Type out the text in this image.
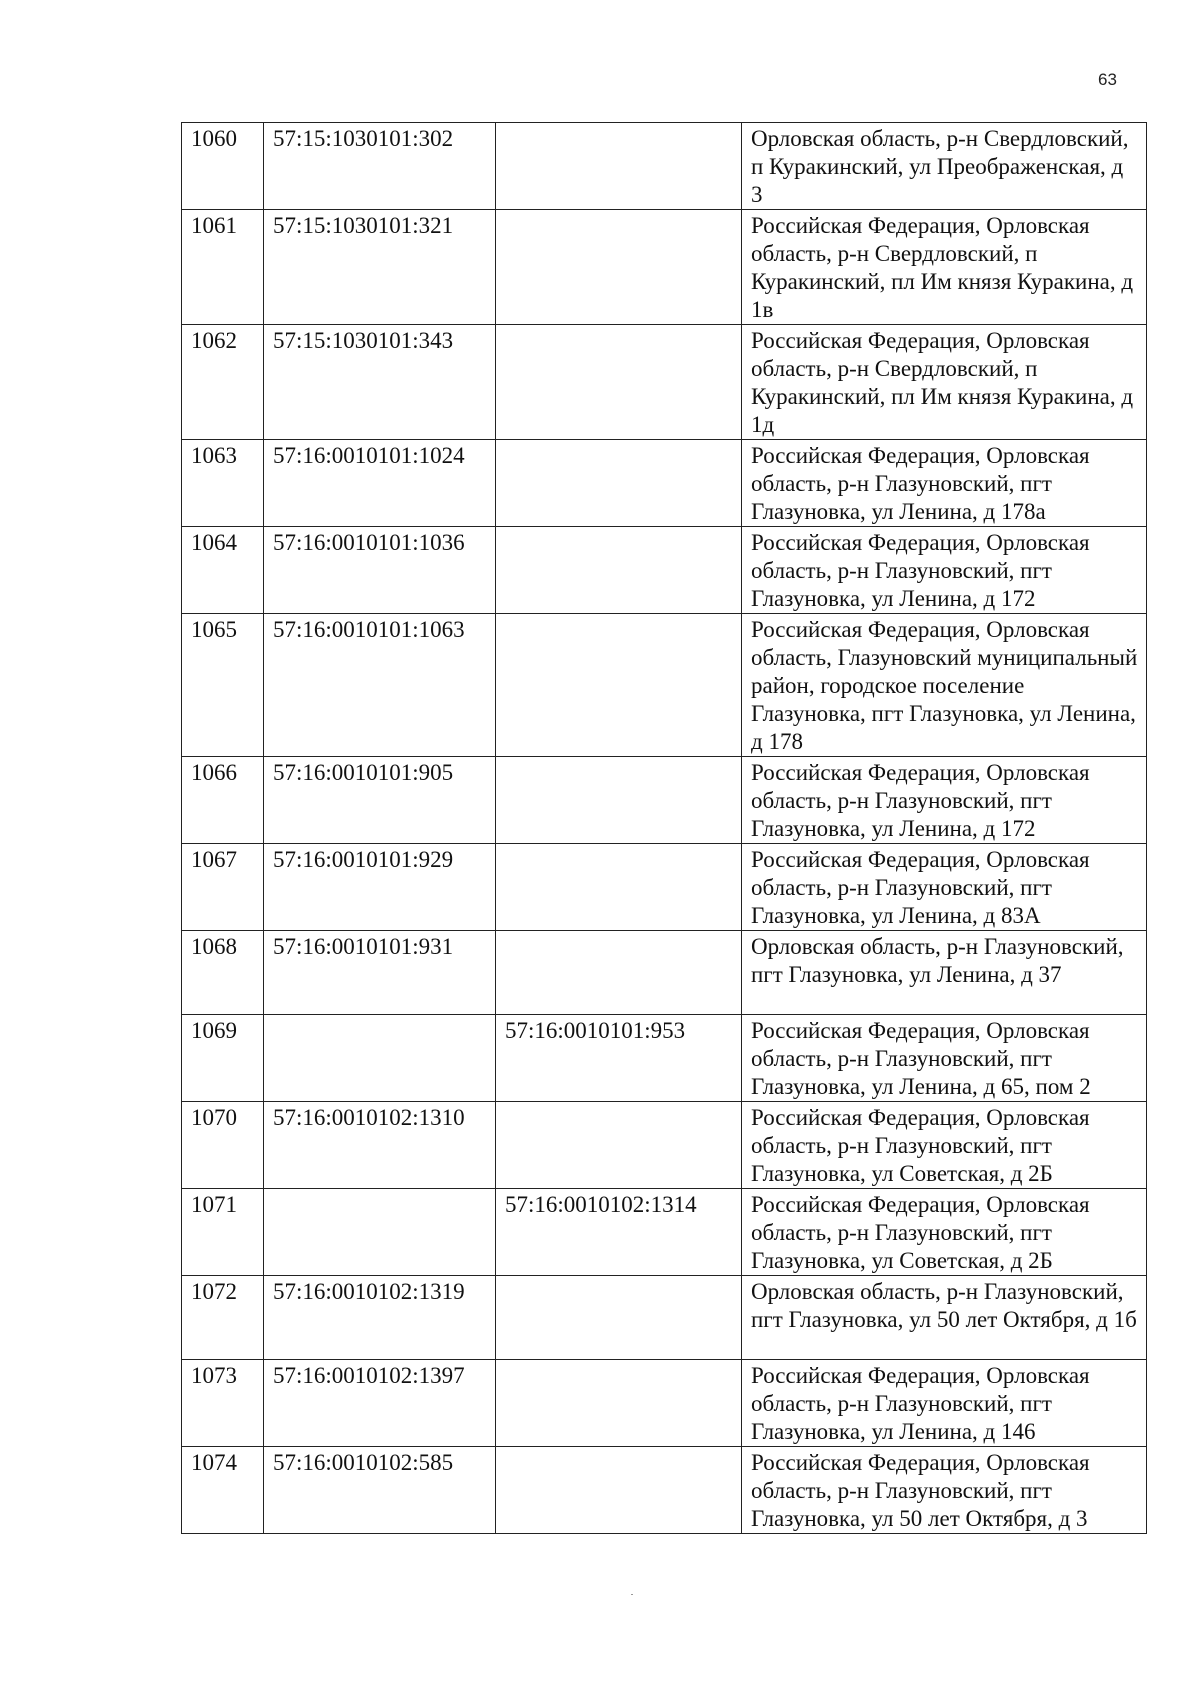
63
1060	57:15:1030101:302		Орловская область, р-н Свердловский, п Куракинский, ул Преображенская, д 3
1061	57:15:1030101:321		Российская Федерация, Орловская область, р-н Свердловский, п Куракинский, пл Им князя Куракина, д 1в
1062	57:15:1030101:343		Российская Федерация, Орловская область, р-н Свердловский, п Куракинский, пл Им князя Куракина, д 1д
1063	57:16:0010101:1024		Российская Федерация, Орловская область, р-н Глазуновский, пгт Глазуновка, ул Ленина, д 178а
1064	57:16:0010101:1036		Российская Федерация, Орловская область, р-н Глазуновский, пгт Глазуновка, ул Ленина, д 172
1065	57:16:0010101:1063		Российская Федерация, Орловская область, Глазуновский муниципальный район, городское поселение Глазуновка, пгт Глазуновка, ул Ленина, д 178
1066	57:16:0010101:905		Российская Федерация, Орловская область, р-н Глазуновский, пгт Глазуновка, ул Ленина, д 172
1067	57:16:0010101:929		Российская Федерация, Орловская область, р-н Глазуновский, пгт Глазуновка, ул Ленина, д 83А
1068	57:16:0010101:931		Орловская область, р-н Глазуновский, пгт Глазуновка, ул Ленина, д 37
1069		57:16:0010101:953	Российская Федерация, Орловская область, р-н Глазуновский, пгт Глазуновка, ул Ленина, д 65, пом 2
1070	57:16:0010102:1310		Российская Федерация, Орловская область, р-н Глазуновский, пгт Глазуновка, ул Советская, д 2Б
1071		57:16:0010102:1314	Российская Федерация, Орловская область, р-н Глазуновский, пгт Глазуновка, ул Советская, д 2Б
1072	57:16:0010102:1319		Орловская область, р-н Глазуновский, пгт Глазуновка, ул 50 лет Октября, д 1б
1073	57:16:0010102:1397		Российская Федерация, Орловская область, р-н Глазуновский, пгт Глазуновка, ул Ленина, д 146
1074	57:16:0010102:585		Российская Федерация, Орловская область, р-н Глазуновский, пгт Глазуновка, ул 50 лет Октября, д 3
